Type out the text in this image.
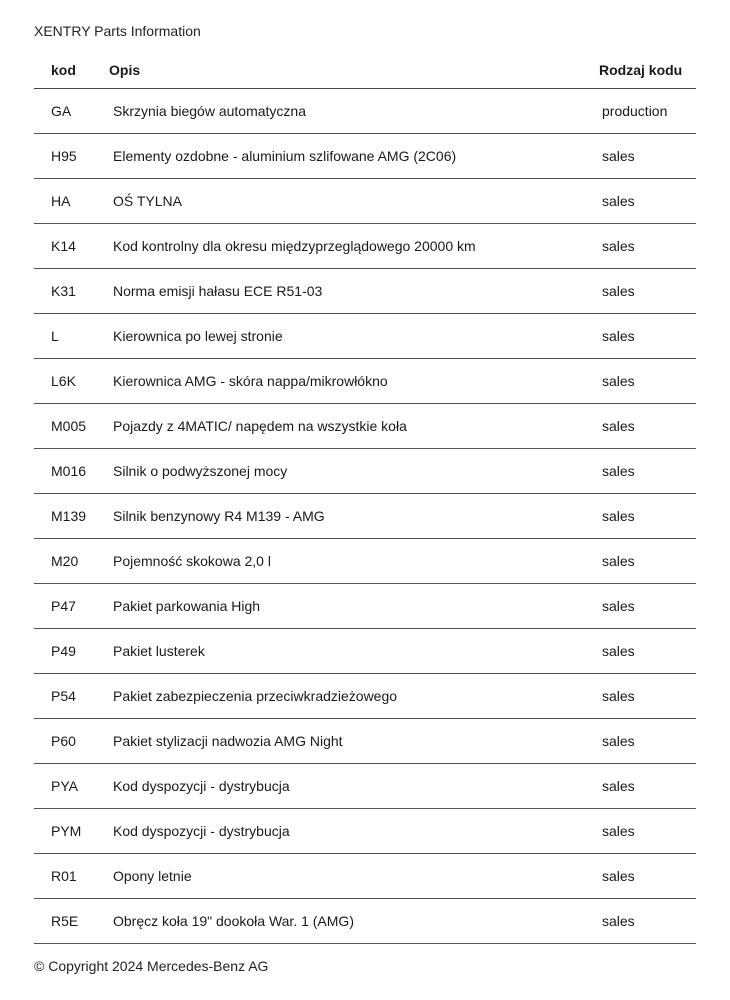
XENTRY Parts Information
kod	Opis	Rodzaj kodu
GA	Skrzynia biegów automatyczna	production
H95	Elementy ozdobne - aluminium szlifowane AMG (2C06)	sales
HA	OŚ TYLNA	sales
K14	Kod kontrolny dla okresu międzyprzeglądowego 20000 km	sales
K31	Norma emisji hałasu ECE R51-03	sales
L	Kierownica po lewej stronie	sales
L6K	Kierownica AMG - skóra nappa/mikrowłókno	sales
M005	Pojazdy z 4MATIC/ napędem na wszystkie koła	sales
M016	Silnik o podwyższonej mocy	sales
M139	Silnik benzynowy R4 M139 - AMG	sales
M20	Pojemność skokowa 2,0 l	sales
P47	Pakiet parkowania High	sales
P49	Pakiet lusterek	sales
P54	Pakiet zabezpieczenia przeciwkradzieżowego	sales
P60	Pakiet stylizacji nadwozia AMG Night	sales
PYA	Kod dyspozycji - dystrybucja	sales
PYM	Kod dyspozycji - dystrybucja	sales
R01	Opony letnie	sales
R5E	Obręcz koła 19" dookoła War. 1 (AMG)	sales
© Copyright 2024 Mercedes-Benz AG
